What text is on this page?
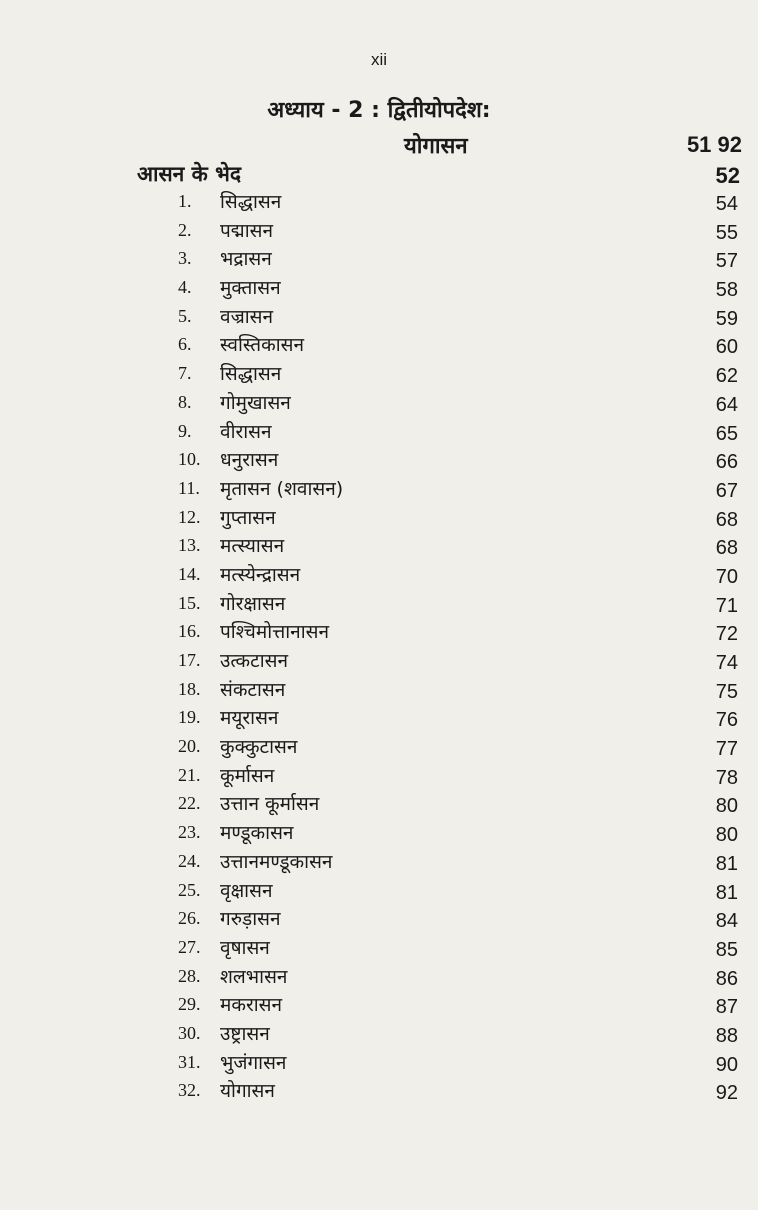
xii
अध्याय - 2 : द्वितीयोपदेश:
योगासन	51 92
आसन के भेद	52
1. सिद्धासन	54
2. पद्मासन	55
3. भद्रासन	57
4. मुक्तासन	58
5. वज्रासन	59
6. स्वस्तिकासन	60
7. सिद्धासन	62
8. गोमुखासन	64
9. वीरासन	65
10. धनुरासन	66
11. मृतासन (शवासन)	67
12. गुप्तासन	68
13. मत्स्यासन	68
14. मत्स्येन्द्रासन	70
15. गोरक्षासन	71
16. पश्चिमोत्तानासन	72
17. उत्कटासन	74
18. संकटासन	75
19. मयूरासन	76
20. कुक्कुटासन	77
21. कूर्मासन	78
22. उत्तान कूर्मासन	80
23. मण्डूकासन	80
24. उत्तानमण्डूकासन	81
25. वृक्षासन	81
26. गरुड़ासन	84
27. वृषासन	85
28. शलभासन	86
29. मकरासन	87
30. उष्ट्रासन	88
31. भुजंगासन	90
32. योगासन	92
